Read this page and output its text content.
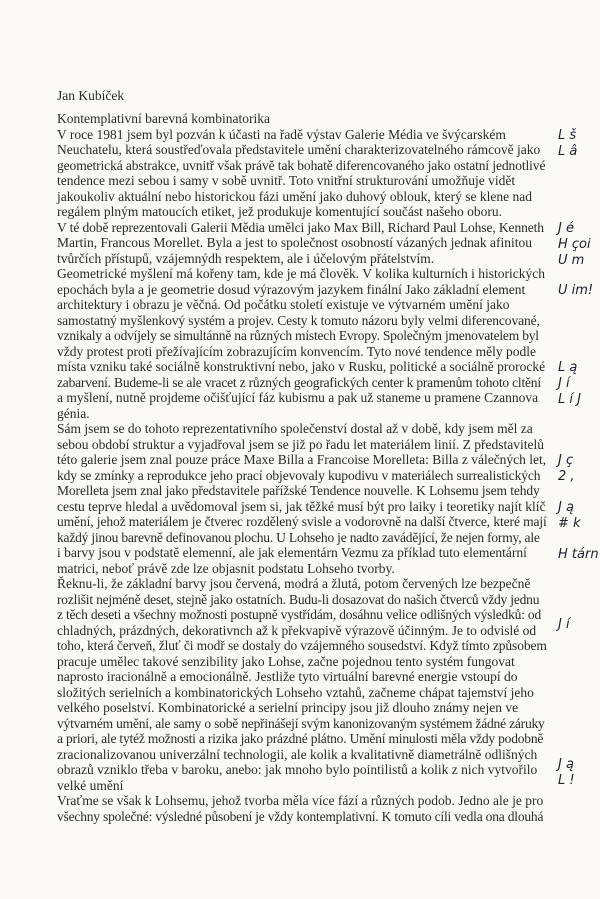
Jan Kubíček
Kontemplativní barevná kombinatorika
V roce 1981 jsem byl pozván k účasti na řadě výstav Galerie Média ve švýcarském
Neuchatelu, která soustřeďovala představitele umění charakterizovatelného rámcově jako
geometrická abstrakce, uvnitř však právě tak bohatě diferencovaného jako ostatní jednotlivé
tendence mezi sebou i samy v sobě uvnitř. Toto vnitřní strukturování umožňuje vidět
jakoukoliv aktuální nebo historickou fázi umění jako duhový oblouk, který se klene nad
regálem plným matoucích etiket, jež produkuje komentující součást našeho oboru.
V té době reprezentovali Galerii Mědia umělci jako Max Bill, Richard Paul Lohse, Kenneth
Martin, Francous Morellet. Byla a jest to společnost osobností vázaných jednak afinitou
tvůrčích přístupů, vzájemnýdh respektem, ale i účelovým přátelstvím.
Geometrické myšlení má kořeny tam, kde je má člověk. V kolika kulturních i historických
epochách byla a je geometrie dosud výrazovým jazykem finální Jako základní element
architektury i obrazu je věčná. Od počátku století existuje ve výtvarném umění jako
samostatný myšlenkový systém a projev. Cesty k tomuto názoru byly velmi diferencované,
vznikaly a odvíjely se simultánně na různých místech Evropy. Společným jmenovatelem byl
vždy protest proti přežívajícím zobrazujícím konvencím. Tyto nové tendence měly podle
místa vzniku také sociálně konstruktivní nebo, jako v Rusku, politické a sociálně prorocké
zabarvení. Budeme-li se ale vracet z různých geografických center k pramenům tohoto cltění
a myšlení, nutně projdeme očišťující fáz kubismu a pak už staneme u pramene Czannova
génia.
Sám jsem se do tohoto reprezentativního společenství dostal až v době, kdy jsem měl za
sebou období struktur a vyjadřoval jsem se již po řadu let materiálem linií. Z představitelů
této galerie jsem znal pouze práce Maxe Billa a Francoise Morelleta: Billa z válečných let,
kdy se zmínky a reprodukce jeho prací objevovaly kupodivu v materiálech surrealistických
Morelleta jsem znal jako představitele pařížské Tendence nouvelle. K Lohsemu jsem tehdy
cestu teprve hledal a uvědomoval jsem si, jak těžké musí být pro laiky i teoretiky najít klíč
umění, jehož materiálem je čtverec rozdělený svisle a vodorovně na další čtverce, které mají
každý jinou barevně definovanou plochu. U Lohseho je nadto zavádějící, že nejen formy, ale
i barvy jsou v podstatě elemenní, ale jak elementárn Vezmu za příklad tuto elementární
matrici, neboť právě zde lze objasnit podstatu Lohseho tvorby.
Řeknu-li, že základní barvy jsou červená, modrá a žlutá, potom červených lze bezpečně
rozlišit nejméně deset, stejně jako ostatních. Budu-li dosazovat do našich čtverců vždy jednu
z těch deseti a všechny možnosti postupně vystřídám, dosáhnu velice odlišných výsledků: od
chladných, prázdných, dekorativnch až k překvapivě výrazově účinným. Je to odvislé od
toho, která červeň, žluť či modř se dostaly do vzájemného sousedství. Když tímto způsobem
pracuje umělec takové senzibility jako Lohse, začne pojednou tento systém fungovat
naprosto iracionálně a emocionálně. Jestliže tyto virtuální barevné energie vstoupí do
složitých serielních a kombinatorických Lohseho vztahů, začneme chápat tajemství jeho
velkého poselství. Kombinatorické a serielní principy jsou již dlouho známy nejen ve
výtvarném umění, ale samy o sobě nepřinášejí svým kanonizovaným systémem žádné záruky
a priori, ale tytéž možnosti a rizika jako prázdné plátno. Umění minulosti měla vždy podobně
zracionalizovanou univerzální technologii, ale kolik a kvalitativně diametrálně odlišných
obrazů vzniklo třeba v baroku, anebo: jak mnoho bylo pointilistů a kolik z nich vytvořilo
velké umění
Vraťme se však k Lohsemu, jehož tvorba měla více fází a různých podob. Jedno ale je pro
všechny společné: výsledné působení je vždy kontemplativní. K tomuto cíli vedla ona dlouhá
L š
L â
J é
H çoi
U m
U im!
L ą
J í
L í J
J ç
2 ,
J ą
# k
H tárn
J í
J ą
L !
